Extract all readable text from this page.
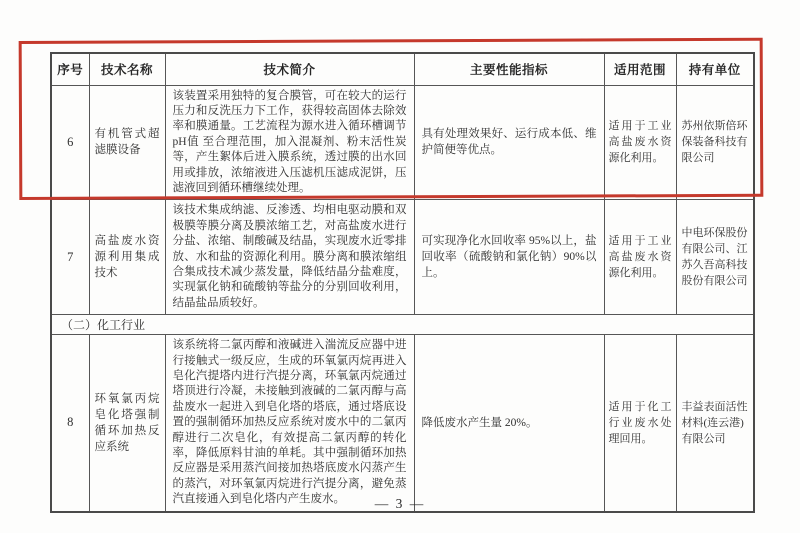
序号	技术名称	技术简介	主要性能指标	适用范围	持有单位
6	有机管式超滤膜设备	该装置采用独特的复合膜管，可在较大的运行压力和反洗压力下工作，获得较高固体去除效率和膜通量。工艺流程为源水进入循环槽调节 pH值 至合理范围，加入混凝剂、粉末活性炭等，产生絮体后进入膜系统，透过膜的出水回用或排放，浓缩液进入压滤机压滤成泥饼，压滤液回到循环槽继续处理。	具有处理效果好、运行成本低、维护简便等优点。	适用于工业高盐废水资源化利用。	苏州依斯倍环保装备科技有限公司
7	高盐废水资源利用集成技术	该技术集成纳滤、反渗透、均相电驱动膜和双极膜等膜分离及膜浓缩工艺，对高盐废水进行分盐、浓缩、制酸碱及结晶，实现废水近零排放、水和盐的资源化利用。膜分离和膜浓缩组合集成技术减少蒸发量，降低结晶分盐难度，实现氯化钠和硫酸钠等盐分的分别回收利用，结晶盐品质较好。	可实现净化水回收率 95%以上，盐回收率（硫酸钠和氯化钠）90%以上。	适用于工业高盐废水资源化利用。	中电环保股份有限公司、江苏久吾高科技股份有限公司
（二）化工行业					
8	环氧氯丙烷皂化塔强制循环加热反应系统	该系统将二氯丙醇和液碱进入湍流反应器中进行接触式一级反应，生成的环氧氯丙烷再进入皂化汽提塔内进行汽提分离，环氧氯丙烷通过塔顶进行冷凝，未接触到液碱的二氯丙醇与高盐废水一起进入到皂化塔的塔底，通过塔底设置的强制循环加热反应系统对废水中的二氯丙醇进行二次皂化，有效提高二氯丙醇的转化率，降低原料甘油的单耗。其中强制循环加热反应器是采用蒸汽间接加热塔底废水闪蒸产生的蒸汽，对环氧氯丙烷进行汽提分离，避免蒸汽直接通入到皂化塔内产生废水。	降低废水产生量 20%。	适用于化工行业废水处理回用。	丰益表面活性材料(连云港)有限公司
— 3 —
